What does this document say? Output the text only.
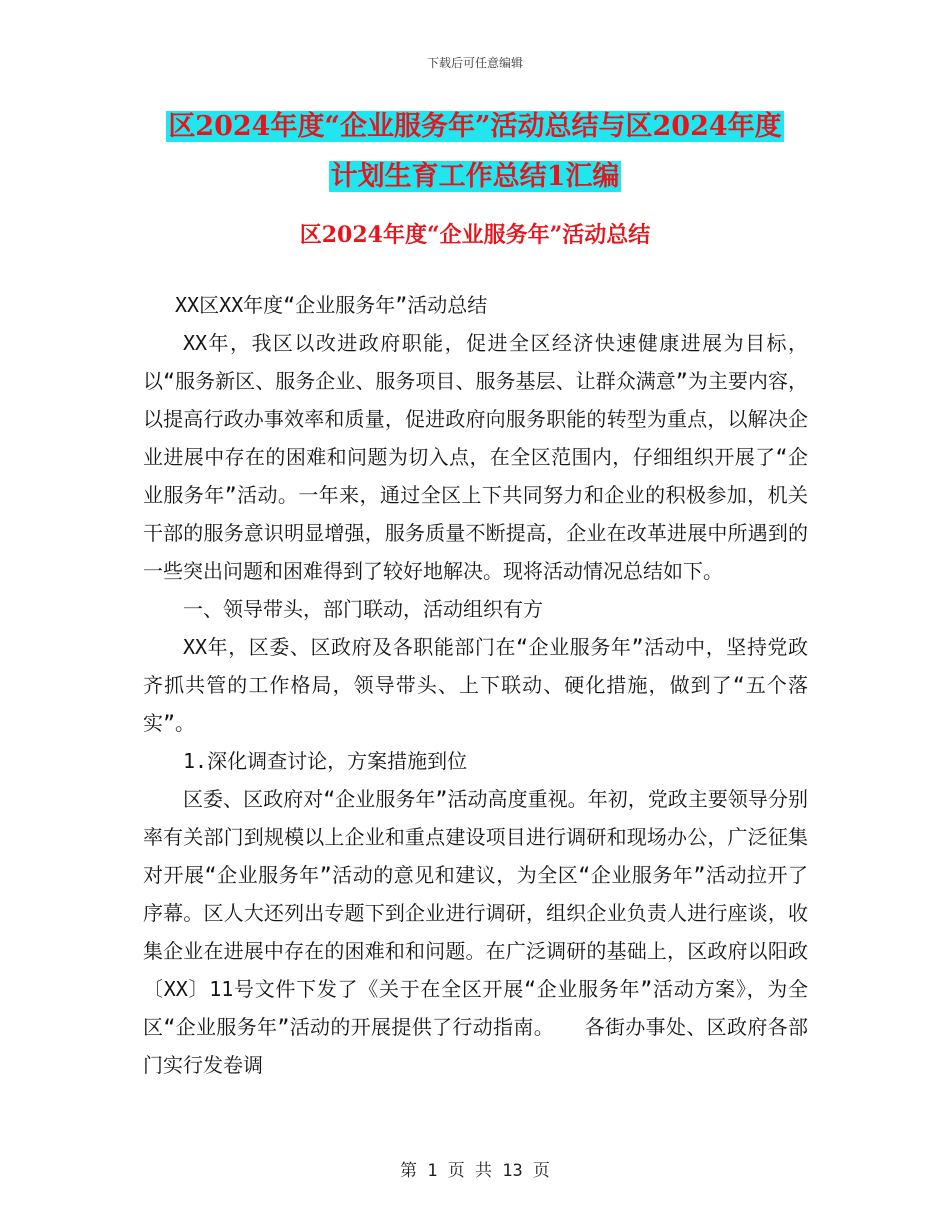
下载后可任意编辑
区2024年度“企业服务年”活动总结与区2024年度
计划生育工作总结1汇编
区2024年度“企业服务年”活动总结

XX区XX年度“企业服务年”活动总结

XX年，我区以改进政府职能，促进全区经济快速健康进展为目标，以“服务新区、服务企业、服务项目、服务基层、让群众满意”为主要内容，以提高行政办事效率和质量，促进政府向服务职能的转型为重点，以解决企业进展中存在的困难和问题为切入点，在全区范围内，仔细组织开展了“企业服务年”活动。一年来，通过全区上下共同努力和企业的积极参加，机关干部的服务意识明显增强，服务质量不断提高，企业在改革进展中所遇到的一些突出问题和困难得到了较好地解决。现将活动情况总结如下。

一、领导带头，部门联动，活动组织有方

XX年，区委、区政府及各职能部门在“企业服务年”活动中，坚持党政齐抓共管的工作格局，领导带头、上下联动、硬化措施，做到了“五个落实”。

1.深化调查讨论，方案措施到位

区委、区政府对“企业服务年”活动高度重视。年初，党政主要领导分别率有关部门到规模以上企业和重点建设项目进行调研和现场办公，广泛征集对开展“企业服务年”活动的意见和建议，为全区“企业服务年”活动拉开了序幕。区人大还列出专题下到企业进行调研，组织企业负责人进行座谈，收集企业在进展中存在的困难和和问题。在广泛调研的基础上，区政府以阳政〔XX〕11号文件下发了《关于在全区开展“企业服务年”活动方案》，为全区“企业服务年”活动的开展提供了行动指南。　　各街办事处、区政府各部门实行发卷调

第 1 页 共 13 页
